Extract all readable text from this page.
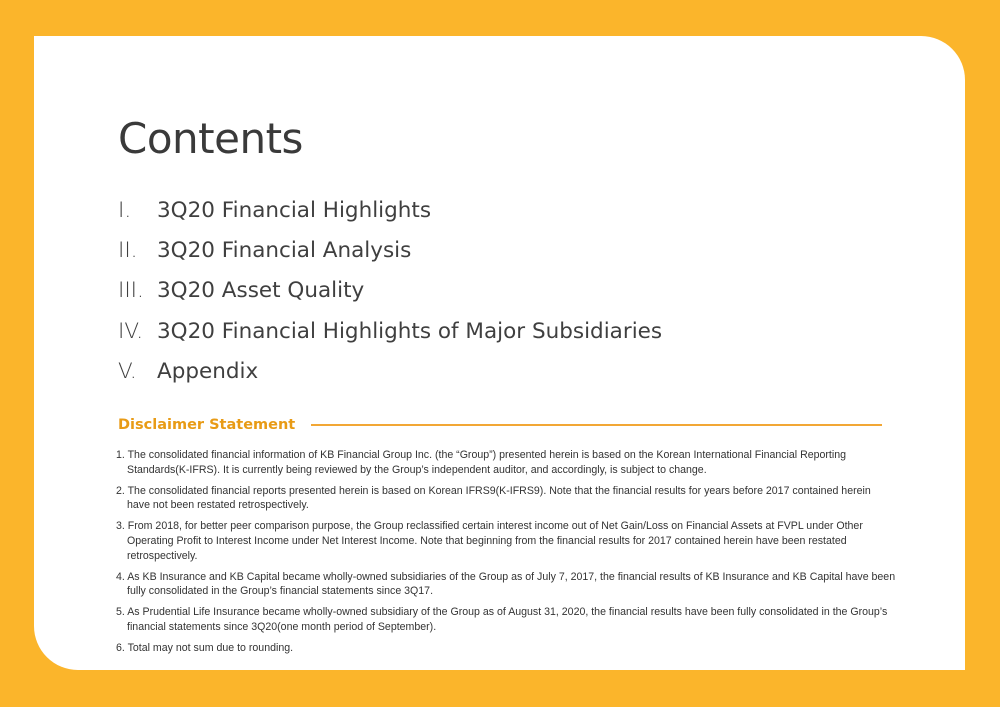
Contents
I.	3Q20 Financial Highlights
II. 3Q20 Financial Analysis
III. 3Q20 Asset Quality
IV. 3Q20 Financial Highlights of Major Subsidiaries
V. Appendix
Disclaimer Statement
1. The consolidated financial information of KB Financial Group Inc. (the “Group”) presented herein is based on the Korean International Financial Reporting Standards(K-IFRS). It is currently being reviewed by the Group’s independent auditor, and accordingly, is subject to change.
2. The consolidated financial reports presented herein is based on Korean IFRS9(K-IFRS9). Note that the financial results for years before 2017 contained herein have not been restated retrospectively.
3. From 2018, for better peer comparison purpose, the Group reclassified certain interest income out of Net Gain/Loss on Financial Assets at FVPL under Other Operating Profit to Interest Income under Net Interest Income. Note that beginning from the financial results for 2017 contained herein have been restated retrospectively.
4. As KB Insurance and KB Capital became wholly-owned subsidiaries of the Group as of July 7, 2017, the financial results of KB Insurance and KB Capital have been fully consolidated in the Group’s financial statements since 3Q17.
5. As Prudential Life Insurance became wholly-owned subsidiary of the Group as of August 31, 2020, the financial results have been fully consolidated in the Group’s financial statements since 3Q20(one month period of September).
6. Total may not sum due to rounding.
